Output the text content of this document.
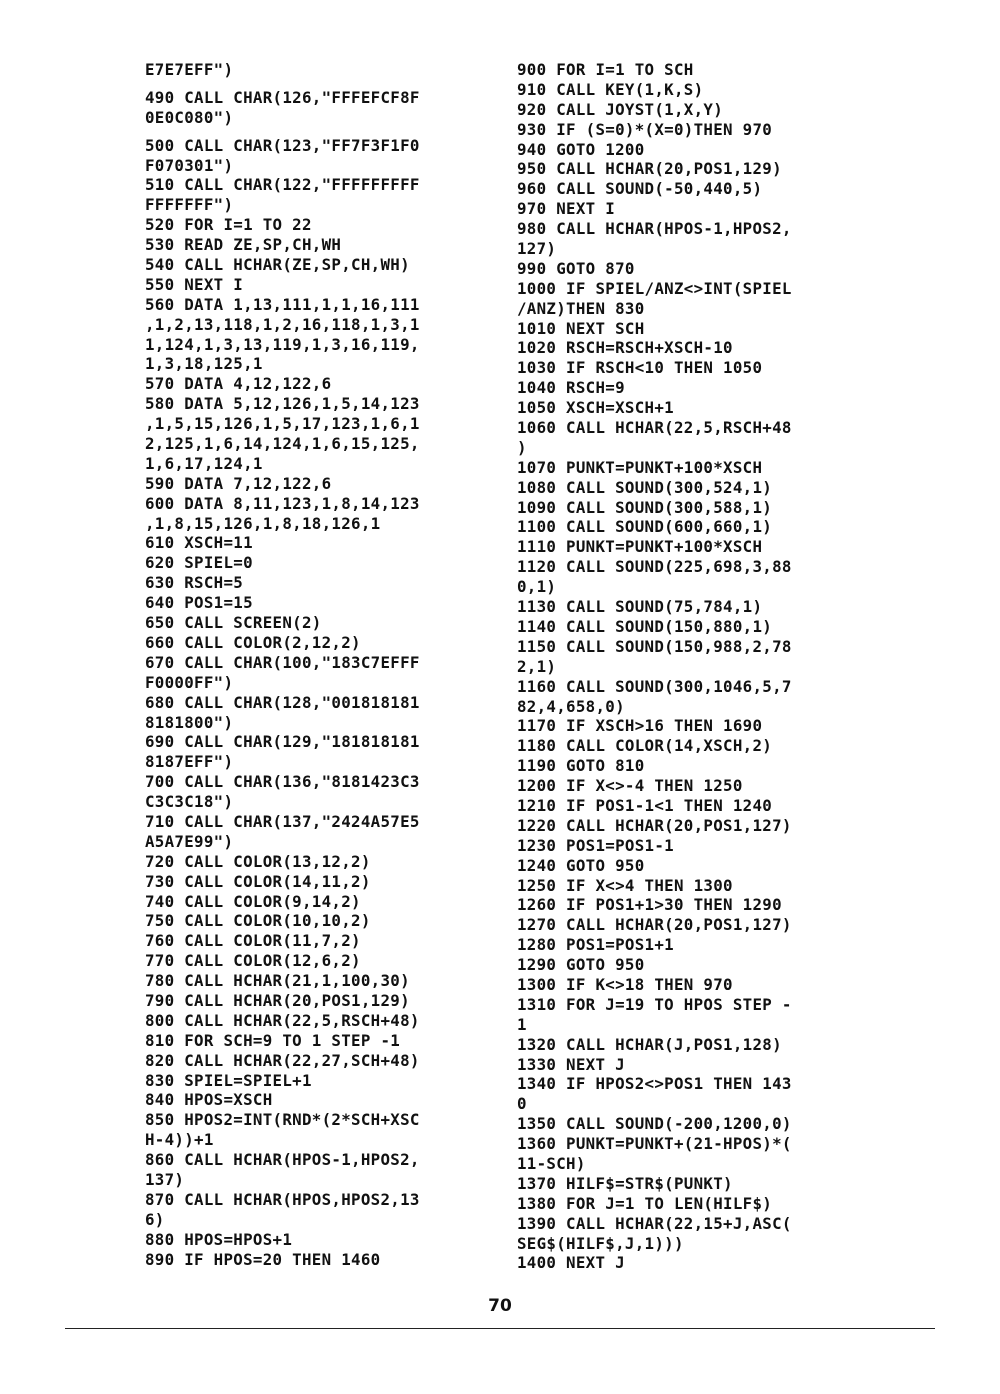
E7E7EFF")
490 CALL CHAR(126,"FFFEFCF8F
0E0C080")
500 CALL CHAR(123,"FF7F3F1F0
F070301")
510 CALL CHAR(122,"FFFFFFFFF
FFFFFFF")
520 FOR I=1 TO 22
530 READ ZE,SP,CH,WH
540 CALL HCHAR(ZE,SP,CH,WH)
550 NEXT I
560 DATA 1,13,111,1,1,16,111
,1,2,13,118,1,2,16,118,1,3,1
1,124,1,3,13,119,1,3,16,119,
1,3,18,125,1
570 DATA 4,12,122,6
580 DATA 5,12,126,1,5,14,123
,1,5,15,126,1,5,17,123,1,6,1
2,125,1,6,14,124,1,6,15,125,
1,6,17,124,1
590 DATA 7,12,122,6
600 DATA 8,11,123,1,8,14,123
,1,8,15,126,1,8,18,126,1
610 XSCH=11
620 SPIEL=0
630 RSCH=5
640 POS1=15
650 CALL SCREEN(2)
660 CALL COLOR(2,12,2)
670 CALL CHAR(100,"183C7EFFF
F0000FF")
680 CALL CHAR(128,"001818181
8181800")
690 CALL CHAR(129,"181818181
8187EFF")
700 CALL CHAR(136,"8181423C3
C3C3C18")
710 CALL CHAR(137,"2424A57E5
A5A7E99")
720 CALL COLOR(13,12,2)
730 CALL COLOR(14,11,2)
740 CALL COLOR(9,14,2)
750 CALL COLOR(10,10,2)
760 CALL COLOR(11,7,2)
770 CALL COLOR(12,6,2)
780 CALL HCHAR(21,1,100,30)
790 CALL HCHAR(20,POS1,129)
800 CALL HCHAR(22,5,RSCH+48)
810 FOR SCH=9 TO 1 STEP -1
820 CALL HCHAR(22,27,SCH+48)
830 SPIEL=SPIEL+1
840 HPOS=XSCH
850 HPOS2=INT(RND*(2*SCH+XSC
H-4))+1
860 CALL HCHAR(HPOS-1,HPOS2,
137)
870 CALL HCHAR(HPOS,HPOS2,13
6)
880 HPOS=HPOS+1
890 IF HPOS=20 THEN 1460
900 FOR I=1 TO SCH
910 CALL KEY(1,K,S)
920 CALL JOYST(1,X,Y)
930 IF (S=0)*(X=0)THEN 970
940 GOTO 1200
950 CALL HCHAR(20,POS1,129)
960 CALL SOUND(-50,440,5)
970 NEXT I
980 CALL HCHAR(HPOS-1,HPOS2,
127)
990 GOTO 870
1000 IF SPIEL/ANZ<>INT(SPIEL
/ANZ)THEN 830
1010 NEXT SCH
1020 RSCH=RSCH+XSCH-10
1030 IF RSCH<10 THEN 1050
1040 RSCH=9
1050 XSCH=XSCH+1
1060 CALL HCHAR(22,5,RSCH+48
)
1070 PUNKT=PUNKT+100*XSCH
1080 CALL SOUND(300,524,1)
1090 CALL SOUND(300,588,1)
1100 CALL SOUND(600,660,1)
1110 PUNKT=PUNKT+100*XSCH
1120 CALL SOUND(225,698,3,88
0,1)
1130 CALL SOUND(75,784,1)
1140 CALL SOUND(150,880,1)
1150 CALL SOUND(150,988,2,78
2,1)
1160 CALL SOUND(300,1046,5,7
82,4,658,0)
1170 IF XSCH>16 THEN 1690
1180 CALL COLOR(14,XSCH,2)
1190 GOTO 810
1200 IF X<>-4 THEN 1250
1210 IF POS1-1<1 THEN 1240
1220 CALL HCHAR(20,POS1,127)
1230 POS1=POS1-1
1240 GOTO 950
1250 IF X<>4 THEN 1300
1260 IF POS1+1>30 THEN 1290
1270 CALL HCHAR(20,POS1,127)
1280 POS1=POS1+1
1290 GOTO 950
1300 IF K<>18 THEN 970
1310 FOR J=19 TO HPOS STEP -
1
1320 CALL HCHAR(J,POS1,128)
1330 NEXT J
1340 IF HPOS2<>POS1 THEN 143
0
1350 CALL SOUND(-200,1200,0)
1360 PUNKT=PUNKT+(21-HPOS)*(
11-SCH)
1370 HILF$=STR$(PUNKT)
1380 FOR J=1 TO LEN(HILF$)
1390 CALL HCHAR(22,15+J,ASC(
SEG$(HILF$,J,1)))
1400 NEXT J
70
